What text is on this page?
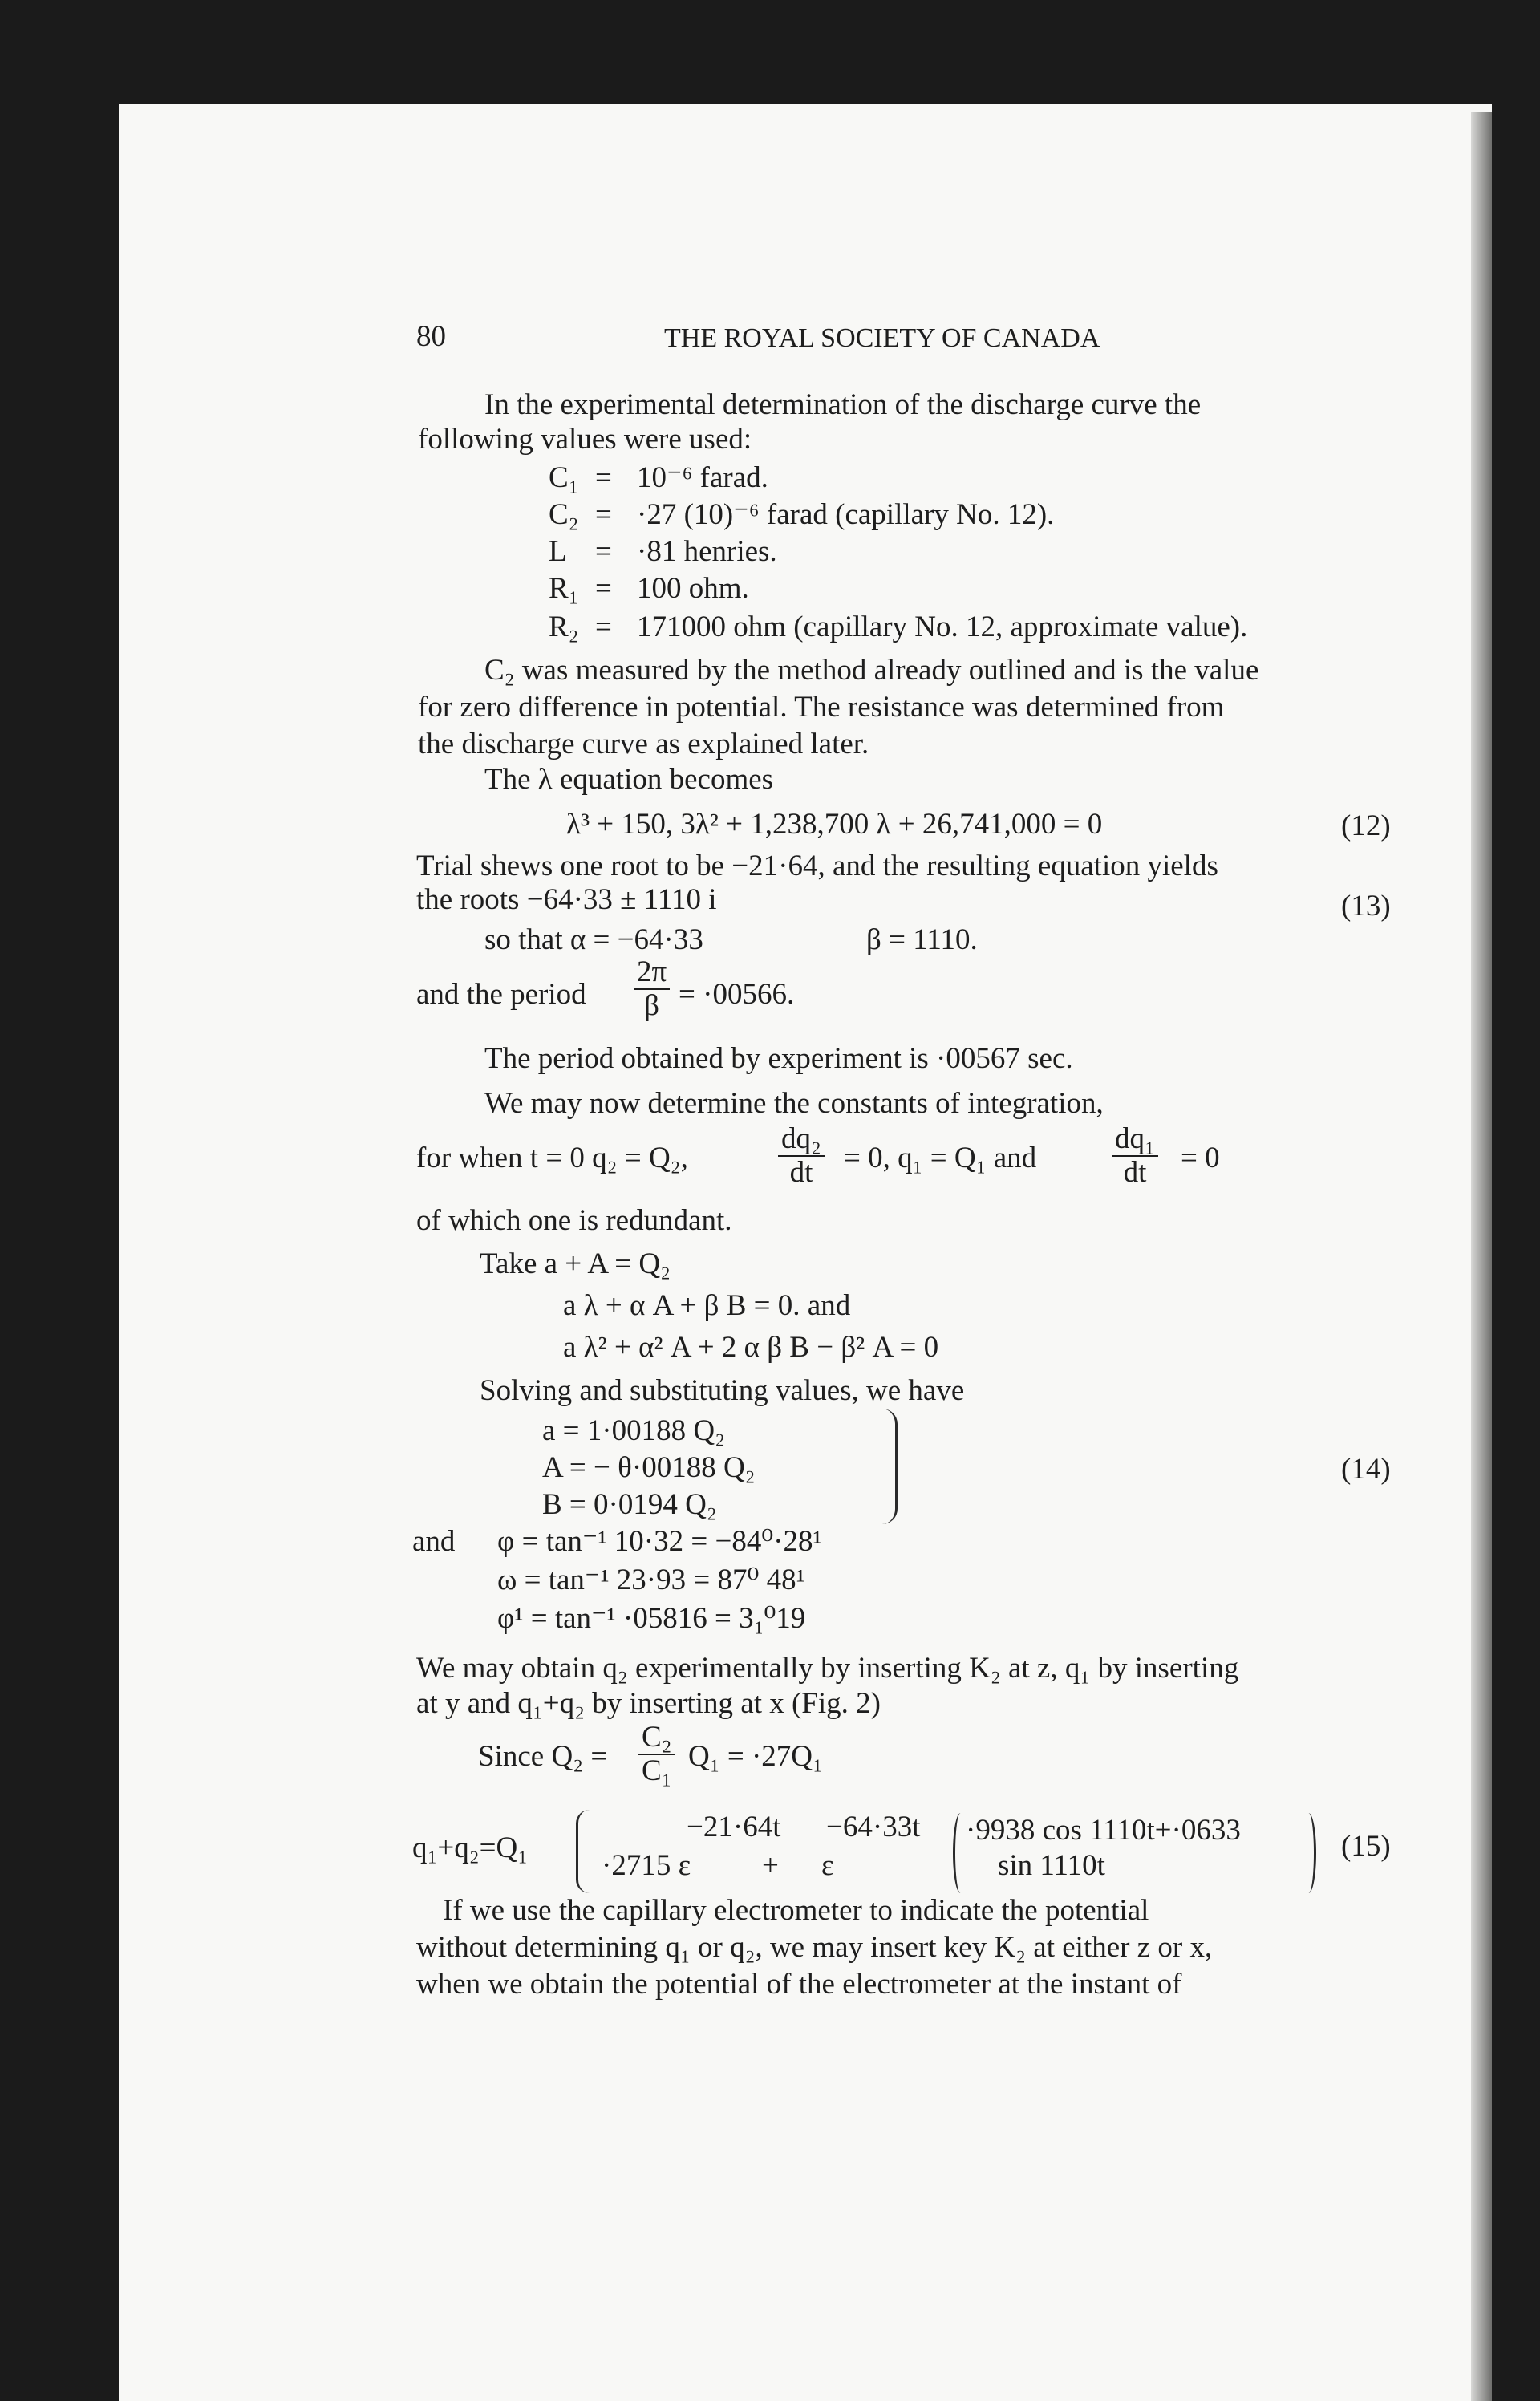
80	THE ROYAL SOCIETY OF CANADA
In the experimental determination of the discharge curve the
following values were used:
C₁ = 10⁻⁶ farad.
C₂ = ·27 (10)⁻⁶ farad (capillary No. 12).
L = ·81 henries.
R₁ = 100 ohm.
R₂ = 171000 ohm (capillary No. 12, approximate value).
C₂ was measured by the method already outlined and is the value
for zero difference in potential. The resistance was determined from
the discharge curve as explained later.
The λ equation becomes
λ³ + 150, 3λ² + 1,238,700 λ + 26,741,000 = 0	(12)
Trial shews one root to be −21·64, and the resulting equation yields
the roots −64·33 ± 1110 i	(13)
so that α = −64·33	β = 1110.
and the period $\frac{2\pi}{\beta} = \cdot 00566$.
The period obtained by experiment is ·00567 sec.
We may now determine the constants of integration,
for when t = 0 q₂ = Q₂,	$\frac{\text{dq₂}}{dt} = 0$, q₁ = Q₁ and	$\frac{\text{dq₁}}{dt} = 0$
of which one is redundant.
Take a + A = Q₂
a λ + α A + β B = 0. and
a λ² + α² A + 2 α β B − β² A = 0
Solving and substituting values, we have
a = 1·00188 Q₂
A = − θ·00188 Q₂
B = 0·0194 Q₂
(14)
and φ = tan⁻¹ 10·32 = −84⁰·28¹
ω = tan⁻¹ 23·93 = 87⁰ 48¹
φ¹ = tan⁻¹ ·05816 = 3₁⁰19
We may obtain q₂ experimentally by inserting K₂ at z, q₁ by inserting
at y and q₁+q₂ by inserting at x (Fig. 2)
Since $Q_2 = \frac{\text{C₂}}{\text{C₁}} Q_1 = \cdot 27Q_1$
q₁+q₂=Q₁
−21·64t −64·33t
·2715 ε + ε
·9938 cos 1110t+·0633
sin 1110t
(15)
If we use the capillary electrometer to indicate the potential
without determining q₁ or q₂, we may insert key K₂ at either z or x,
when we obtain the potential of the electrometer at the instant of
